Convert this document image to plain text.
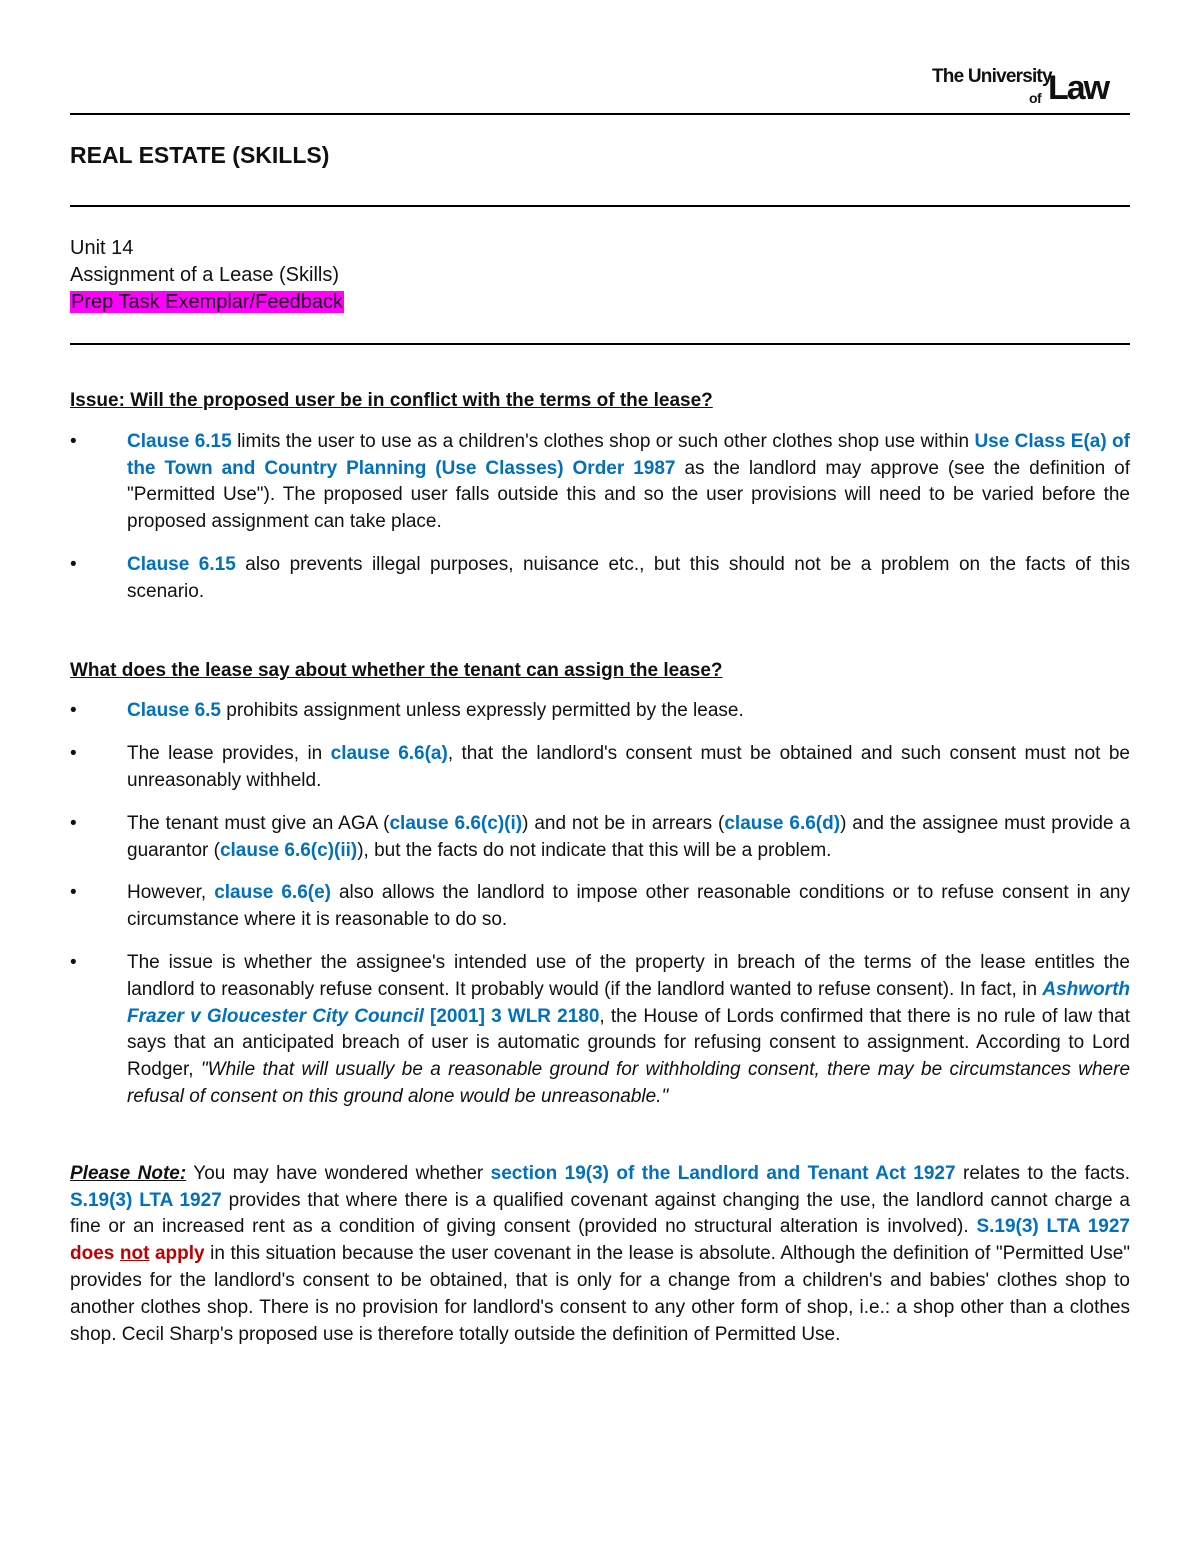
The University
of Law
REAL ESTATE (SKILLS)
Unit 14
Assignment of a Lease (Skills)
Prep Task Exemplar/Feedback
Issue: Will the proposed user be in conflict with the terms of the lease?
•	Clause 6.15 limits the user to use as a children's clothes shop or such other clothes shop use within Use Class E(a) of the Town and Country Planning (Use Classes) Order 1987 as the landlord may approve (see the definition of "Permitted Use"). The proposed user falls outside this and so the user provisions will need to be varied before the proposed assignment can take place.
•	Clause 6.15 also prevents illegal purposes, nuisance etc., but this should not be a problem on the facts of this scenario.
What does the lease say about whether the tenant can assign the lease?
•	Clause 6.5 prohibits assignment unless expressly permitted by the lease.
•	The lease provides, in clause 6.6(a), that the landlord's consent must be obtained and such consent must not be unreasonably withheld.
•	The tenant must give an AGA (clause 6.6(c)(i)) and not be in arrears (clause 6.6(d)) and the assignee must provide a guarantor (clause 6.6(c)(ii)), but the facts do not indicate that this will be a problem.
•	However, clause 6.6(e) also allows the landlord to impose other reasonable conditions or to refuse consent in any circumstance where it is reasonable to do so.
•	The issue is whether the assignee's intended use of the property in breach of the terms of the lease entitles the landlord to reasonably refuse consent. It probably would (if the landlord wanted to refuse consent). In fact, in Ashworth Frazer v Gloucester City Council [2001] 3 WLR 2180, the House of Lords confirmed that there is no rule of law that says that an anticipated breach of user is automatic grounds for refusing consent to assignment. According to Lord Rodger, "While that will usually be a reasonable ground for withholding consent, there may be circumstances where refusal of consent on this ground alone would be unreasonable."

Please Note: You may have wondered whether section 19(3) of the Landlord and Tenant Act 1927 relates to the facts. S.19(3) LTA 1927 provides that where there is a qualified covenant against changing the use, the landlord cannot charge a fine or an increased rent as a condition of giving consent (provided no structural alteration is involved). S.19(3) LTA 1927 does not apply in this situation because the user covenant in the lease is absolute. Although the definition of "Permitted Use" provides for the landlord's consent to be obtained, that is only for a change from a children's and babies' clothes shop to another clothes shop. There is no provision for landlord's consent to any other form of shop, i.e.: a shop other than a clothes shop. Cecil Sharp's proposed use is therefore totally outside the definition of Permitted Use.
